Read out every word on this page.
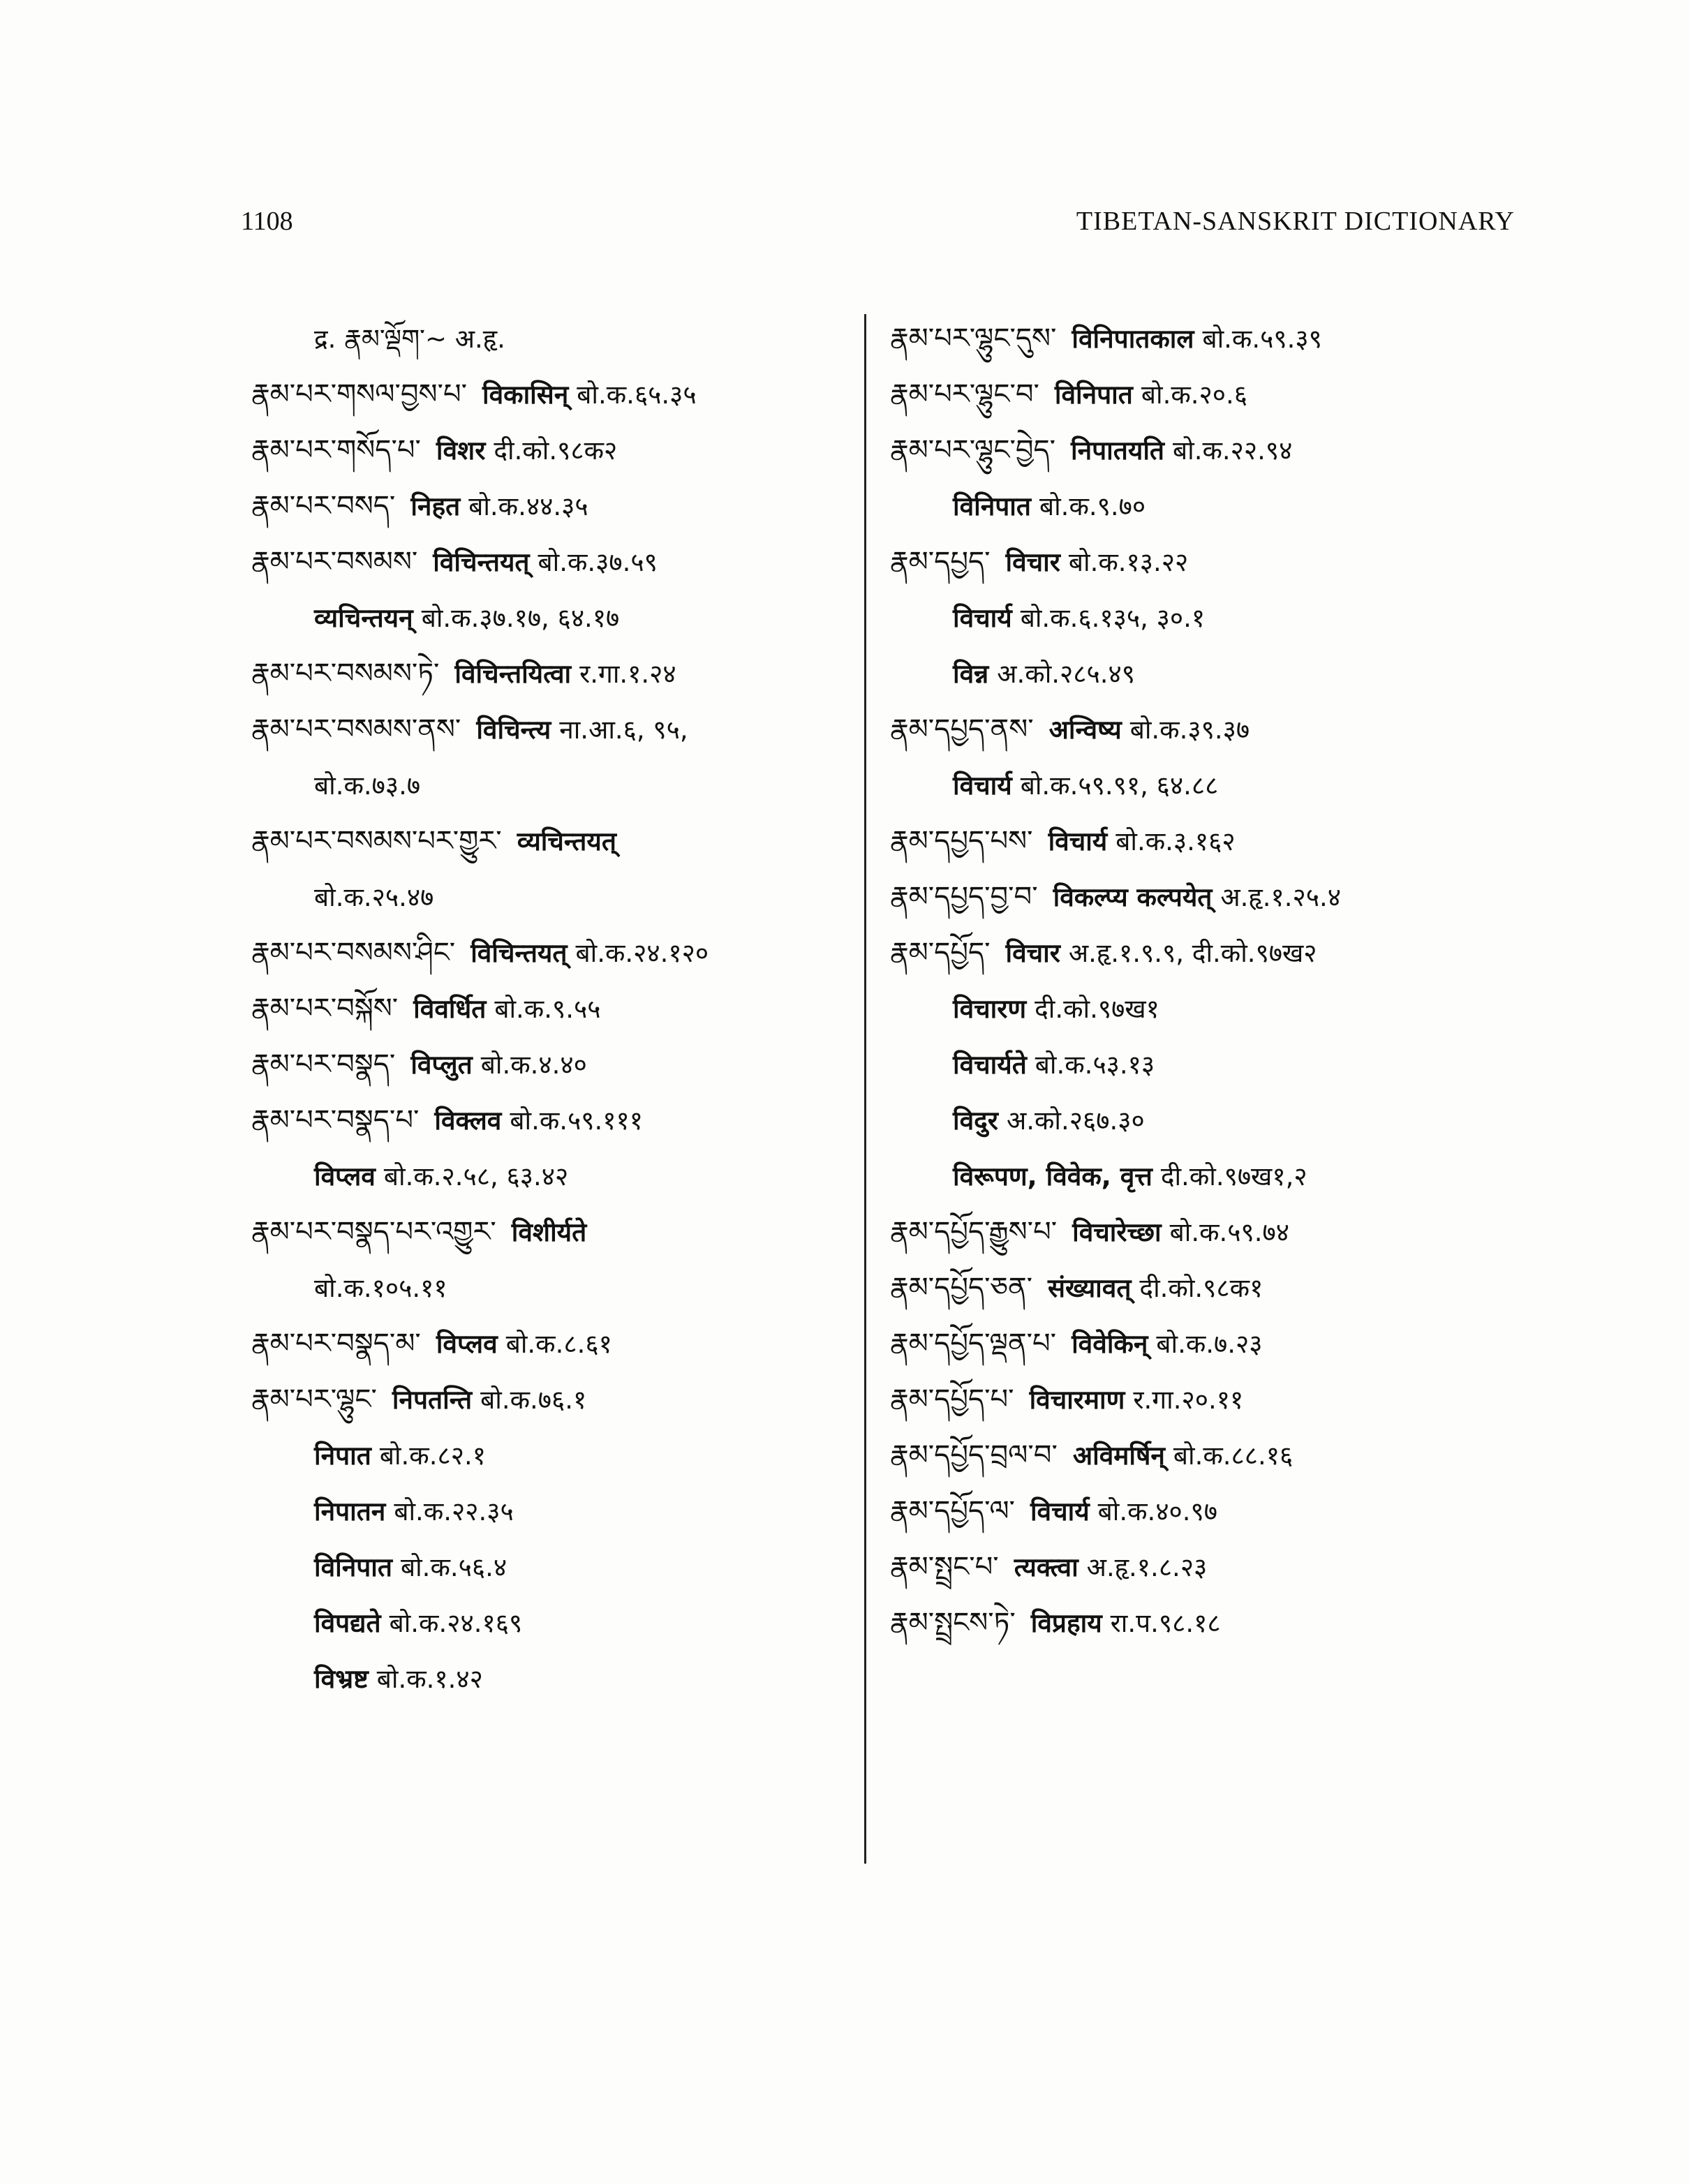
1108	TIBETAN-SANSKRIT DICTIONARY
द्र. རྣམ་ལྡོག་~ अ.हृ.
རྣམ་པར་གསལ་བྱས་པ་ विकासिन् बो.क.६५.३५
རྣམ་པར་གསོད་པ་ विशर दी.को.९८क२
རྣམ་པར་བསད་ निहत बो.क.४४.३५
རྣམ་པར་བསམས་ विचिन्तयत् बो.क.३७.५९
व्यचिन्तयन् बो.क.३७.१७, ६४.१७
རྣམ་པར་བསམས་ཏེ་ विचिन्तयित्वा र.गा.१.२४
རྣམ་པར་བསམས་ནས་ विचिन्त्य ना.आ.६, ९५,
बो.क.७३.७
རྣམ་པར་བསམས་པར་གྱུར་ व्यचिन्तयत्
बो.क.२५.४७
རྣམ་པར་བསམས་ཤིང་ विचिन्तयत् बो.क.२४.१२०
རྣམ་པར་བསྐོས་ विवर्धित बो.क.९.५५
རྣམ་པར་བསྣད་ विप्लुत बो.क.४.४०
རྣམ་པར་བསྣད་པ་ विक्लव बो.क.५९.१११
विप्लव बो.क.२.५८, ६३.४२
རྣམ་པར་བསྣད་པར་འགྱུར་ विशीर्यते
बो.क.१०५.११
རྣམ་པར་བསྣད་མ་ विप्लव बो.क.८.६१
རྣམ་པར་ལྷུང་ निपतन्ति बो.क.७६.१
निपात बो.क.८२.१
निपातन बो.क.२२.३५
विनिपात बो.क.५६.४
विपद्यते बो.क.२४.१६९
विभ्रष्ट बो.क.१.४२
རྣམ་པར་ལྷུང་དུས་ विनिपातकाल बो.क.५९.३९
རྣམ་པར་ལྷུང་བ་ विनिपात बो.क.२०.६
རྣམ་པར་ལྷུང་བྱེད་ निपातयति बो.क.२२.९४
विनिपात बो.क.९.७०
རྣམ་དཔྱད་ विचार बो.क.१३.२२
विचार्य बो.क.६.१३५, ३०.१
विन्न अ.को.२८५.४९
རྣམ་དཔྱད་ནས་ अन्विष्य बो.क.३९.३७
विचार्य बो.क.५९.९१, ६४.८८
རྣམ་དཔྱད་པས་ विचार्य बो.क.३.१६२
རྣམ་དཔྱད་བྱ་བ་ विकल्प्य कल्पयेत् अ.हृ.१.२५.४
རྣམ་དཔྱོད་ विचार अ.हृ.१.९.९, दी.को.९७ख२
विचारण दी.को.९७ख१
विचार्यते बो.क.५३.१३
विदुर अ.को.२६७.३०
विरूपण, विवेक, वृत्त दी.को.९७ख१,२
རྣམ་དཔྱོད་རྒྱུས་པ་ विचारेच्छा बो.क.५९.७४
རྣམ་དཔྱོད་ཅན་ संख्यावत् दी.को.९८क१
རྣམ་དཔྱོད་ལྡན་པ་ विवेकिन् बो.क.७.२३
རྣམ་དཔྱོད་པ་ विचारमाण र.गा.२०.११
རྣམ་དཔྱོད་བྲལ་བ་ अविमर्षिन् बो.क.८८.१६
རྣམ་དཔྱོད་ལ་ विचार्य बो.क.४०.९७
རྣམ་སྤྲང་པ་ त्यक्त्वा अ.हृ.१.८.२३
རྣམ་སྤྲངས་ཏེ་ विप्रहाय रा.प.९८.१८
